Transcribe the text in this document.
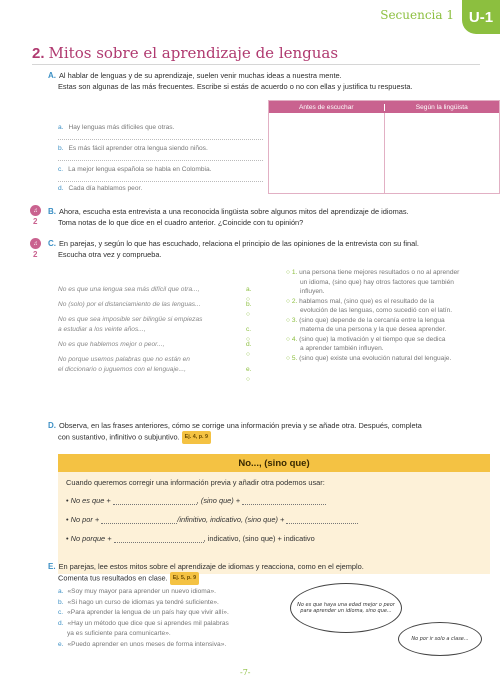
Secuencia 1 U-1
2. Mitos sobre el aprendizaje de lenguas
A. Al hablar de lenguas y de su aprendizaje, suelen venir muchas ideas a nuestra mente.
Estas son algunas de las más frecuentes. Escribe si estás de acuerdo o no con ellas y justifica tu respuesta.
Antes de escuchar	Según la lingüista
a. Hay lenguas más difíciles que otras.
b. Es más fácil aprender otra lengua siendo niños.
c. La mejor lengua española se habla en Colombia.
d. Cada día hablamos peor.
♫
2
B. Ahora, escucha esta entrevista a una reconocida lingüista sobre algunos mitos del aprendizaje de idiomas.
Toma notas de lo que dice en el cuadro anterior. ¿Coincide con tu opinión?
♫
2
C. En parejas, y según lo que has escuchado, relaciona el principio de las opiniones de la entrevista con su final.
Escucha otra vez y comprueba.
No es que una lengua sea más difícil que otra...,	a. ○
No (solo) por el distanciamiento de las lenguas...	b. ○
No es que sea imposible ser bilingüe si empiezas
a estudiar a los veinte años...,	c. ○
No es que hablemos mejor o peor...,	d. ○
No porque usemos palabras que no están en
el diccionario o juguemos con el lenguaje...,	e. ○
○ 1. una persona tiene mejores resultados o no al aprender
un idioma, (sino que) hay otros factores que también
influyen.
○ 2. hablamos mal, (sino que) es el resultado de la
evolución de las lenguas, como sucedió con el latín.
○ 3. (sino que) depende de la cercanía entre la lengua
materna de una persona y la que desea aprender.
○ 4. (sino que) la motivación y el tiempo que se dedica
a aprender también influyen.
○ 5. (sino que) existe una evolución natural del lenguaje.
D. Observa, en las frases anteriores, cómo se corrige una información previa y se añade otra. Después, completa
con sustantivo, infinitivo o subjuntivo. Ej. 4, p. 9
No..., (sino que)
Cuando queremos corregir una información previa y añadir otra podemos usar:
• No es que +	, (sino que) +
• No por +	/infinitivo, indicativo, (sino que) +
• No porque +	, indicativo, (sino que) + indicativo
E. En parejas, lee estos mitos sobre el aprendizaje de idiomas y reacciona, como en el ejemplo.
Comenta tus resultados en clase. Ej. 5, p. 9
a. «Soy muy mayor para aprender un nuevo idioma».
b. «Si hago un curso de idiomas ya tendré suficiente».
c. «Para aprender la lengua de un país hay que vivir allí».
d. «Hay un método que dice que si aprendes mil palabras
ya es suficiente para comunicarte».
e. «Puedo aprender en unos meses de forma intensiva».
No es que haya una edad mejor o peor para aprender un idioma, sino que...
No por ir solo a clase...
-7-
